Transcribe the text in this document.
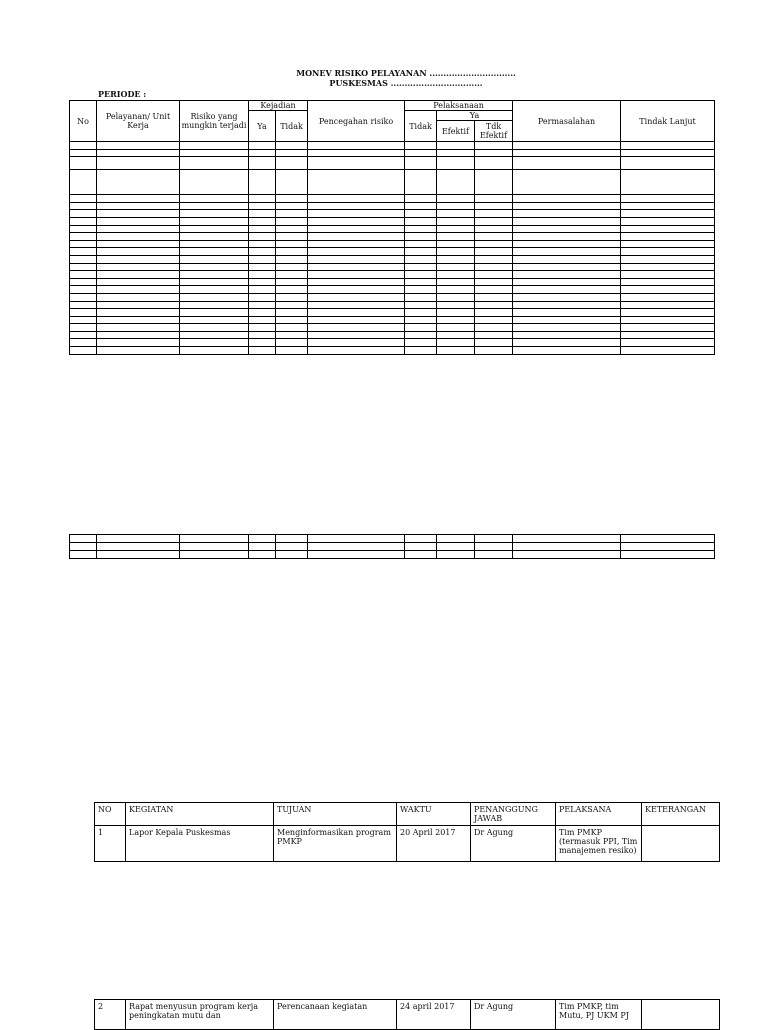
MONEV RISIKO PELAYANAN ...............................
PUSKESMAS .................................
PERIODE :
No	Pelayanan/ Unit Kerja	Risiko yang mungkin terjadi	Kejadian		Pencegahan risiko	Pelaksanaan			Permasalahan	Tindak Lanjut
			Ya	Tidak		Tidak	Ya			
							Efektif	Tdk Efektif		

NO	KEGIATAN	TUJUAN	WAKTU	PENANGGUNG JAWAB	PELAKSANA	KETERANGAN
1	Lapor Kepala Puskesmas	Menginformasikan program PMKP	20 April 2017	Dr Agung	Tim PMKP (termasuk PPI, Tim manajemen resiko)	
2	Rapat menyusun program kerja peningkatan mutu dan	Perencanaan kegiatan	24 april 2017	Dr Agung	Tim PMKP, tim Mutu, PJ UKM PJ	
